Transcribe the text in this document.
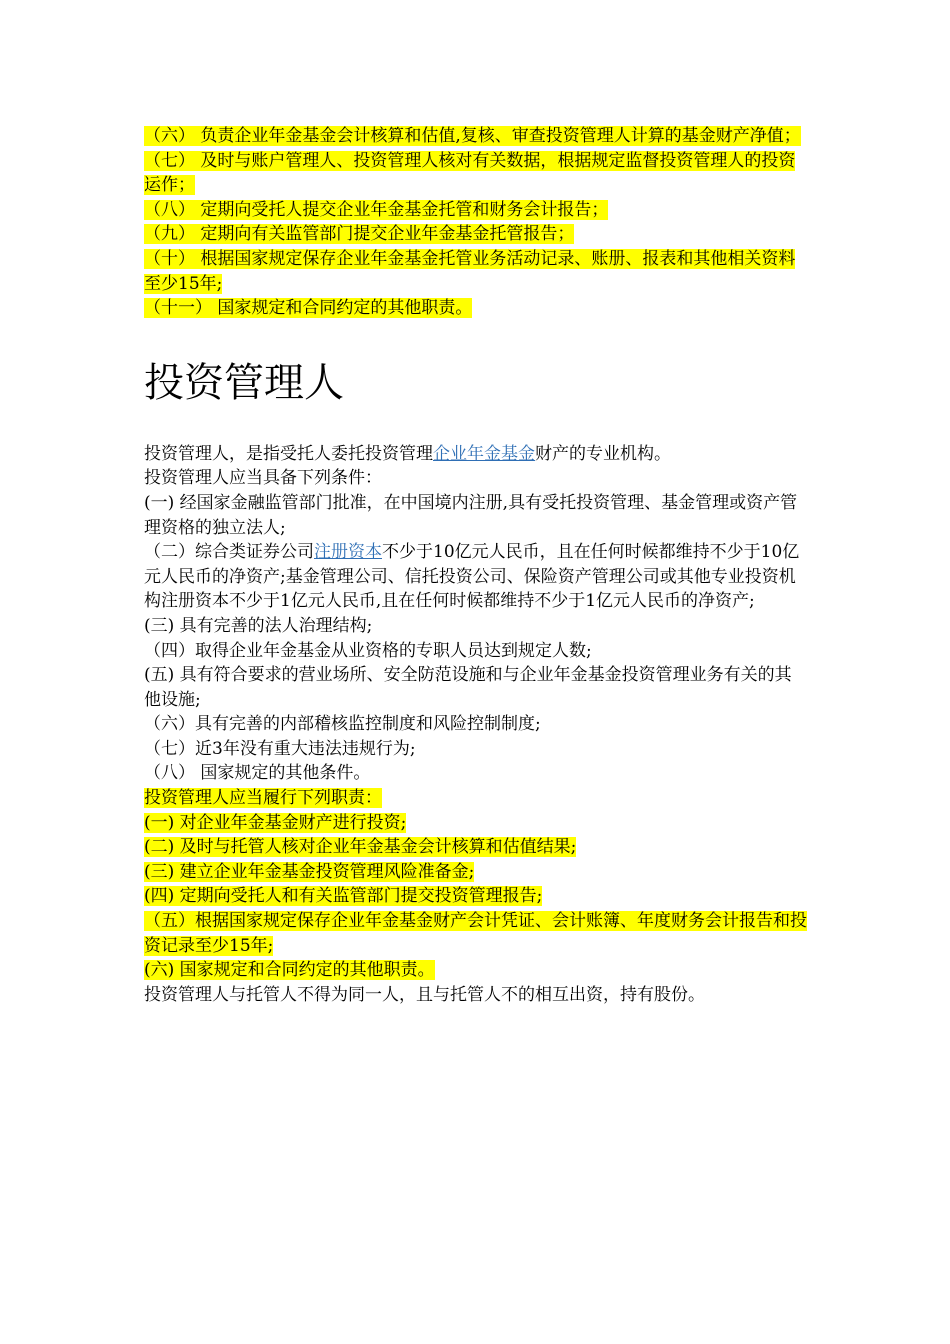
（六） 负责企业年金基金会计核算和估值,复核、审查投资管理人计算的基金财产净值；

（七） 及时与账户管理人、投资管理人核对有关数据，根据规定监督投资管理人的投资运作；

（八） 定期向受托人提交企业年金基金托管和财务会计报告；

（九） 定期向有关监管部门提交企业年金基金托管报告；

（十） 根据国家规定保存企业年金基金托管业务活动记录、账册、报表和其他相关资料至少15年;

（十一） 国家规定和合同约定的其他职责。

投资管理人

投资管理人，是指受托人委托投资管理企业年金基金财产的专业机构。

投资管理人应当具备下列条件：

(一) 经国家金融监管部门批准，在中国境内注册,具有受托投资管理、基金管理或资产管理资格的独立法人;

（二）综合类证券公司注册资本不少于10亿元人民币，且在任何时候都维持不少于10亿元人民币的净资产;基金管理公司、信托投资公司、保险资产管理公司或其他专业投资机构注册资本不少于1亿元人民币,且在任何时候都维持不少于1亿元人民币的净资产;

(三) 具有完善的法人治理结构;

（四）取得企业年金基金从业资格的专职人员达到规定人数;

(五) 具有符合要求的营业场所、安全防范设施和与企业年金基金投资管理业务有关的其他设施;

（六）具有完善的内部稽核监控制度和风险控制制度;

（七）近3年没有重大违法违规行为;

（八） 国家规定的其他条件。

投资管理人应当履行下列职责：

(一) 对企业年金基金财产进行投资;

(二) 及时与托管人核对企业年金基金会计核算和估值结果;

(三) 建立企业年金基金投资管理风险准备金;

(四) 定期向受托人和有关监管部门提交投资管理报告;

（五）根据国家规定保存企业年金基金财产会计凭证、会计账簿、年度财务会计报告和投资记录至少15年;

(六) 国家规定和合同约定的其他职责。

投资管理人与托管人不得为同一人，且与托管人不的相互出资，持有股份。
